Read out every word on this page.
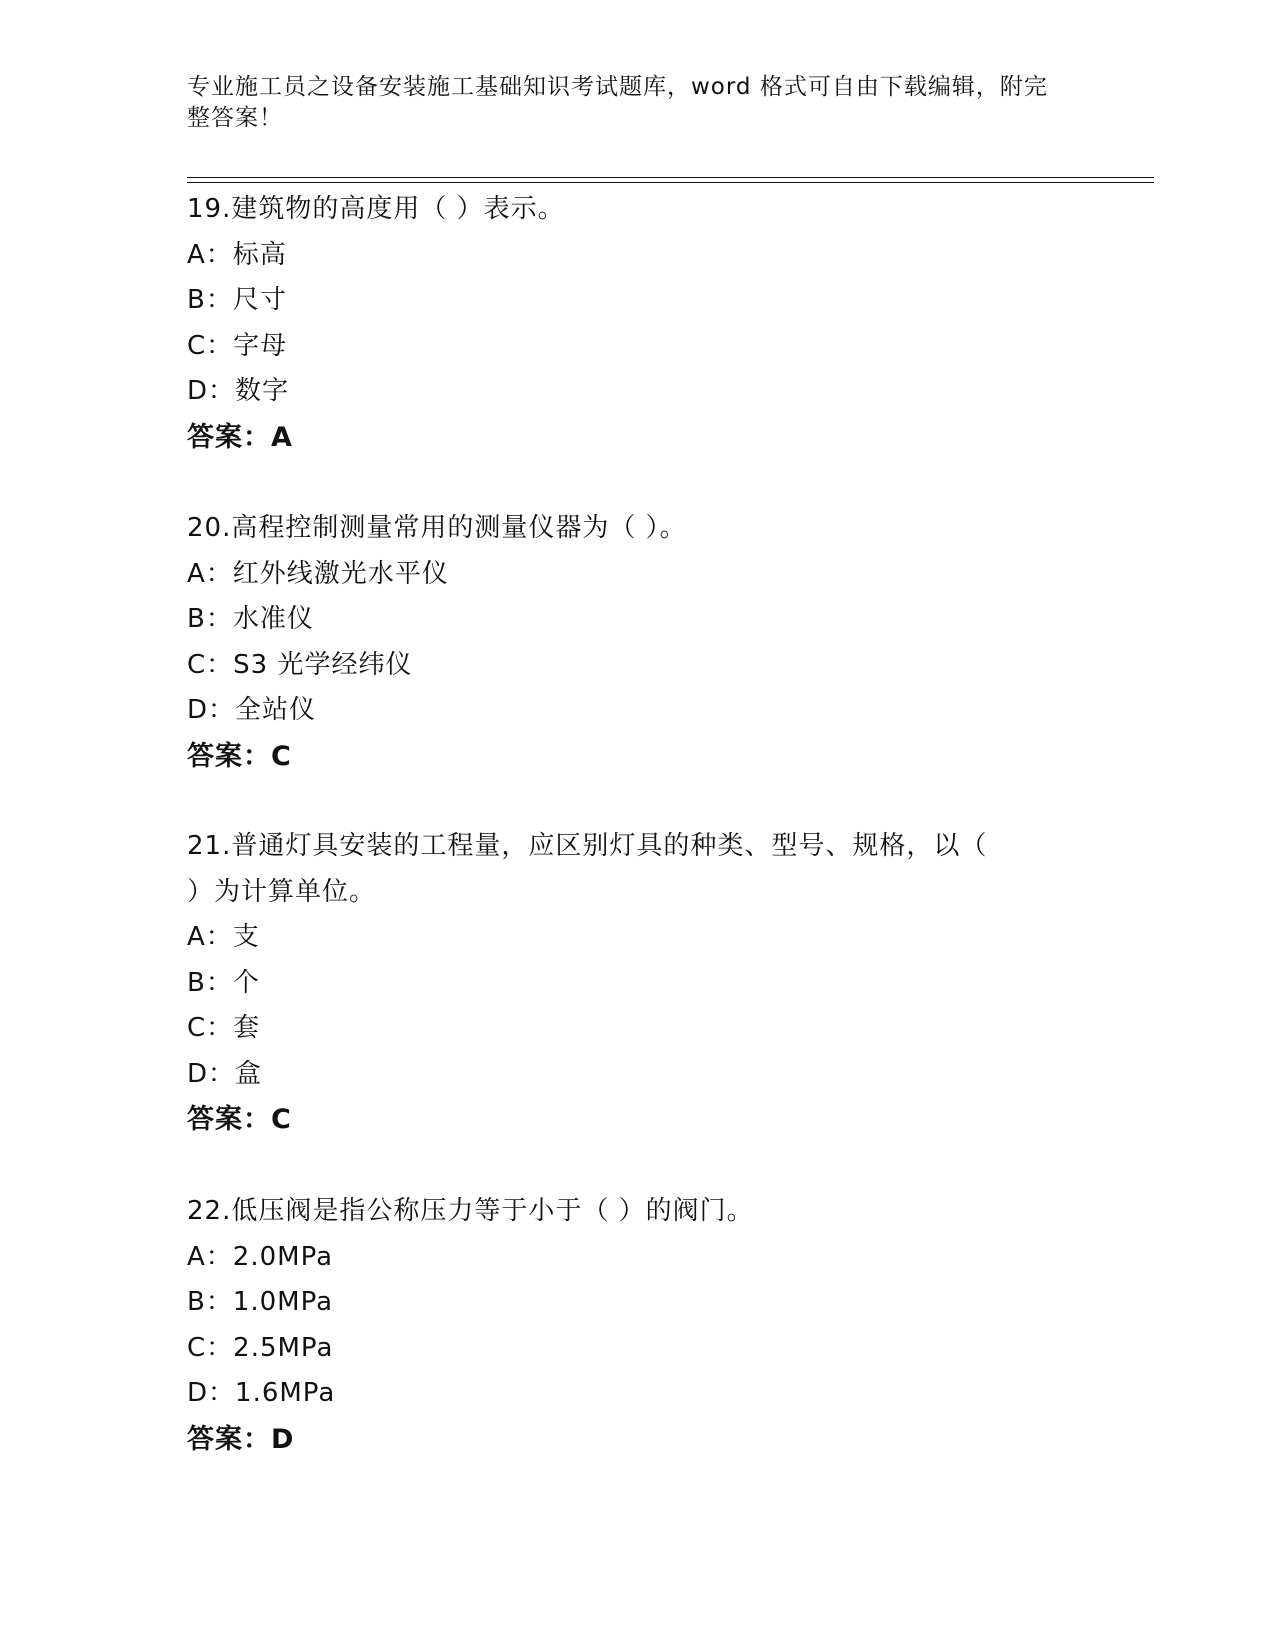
专业施工员之设备安装施工基础知识考试题库，word 格式可自由下载编辑，附完
整答案！
19.建筑物的高度用（ ）表示。
A：标高
B：尺寸
C：字母
D：数字
答案：A
20.高程控制测量常用的测量仪器为（ ）。
A：红外线激光水平仪
B：水准仪
C：S3 光学经纬仪
D：全站仪
答案：C
21.普通灯具安装的工程量，应区别灯具的种类、型号、规格，以（
）为计算单位。
A：支
B：个
C：套
D：盒
答案：C
22.低压阀是指公称压力等于小于（ ）的阀门。
A：2.0MPa
B：1.0MPa
C：2.5MPa
D：1.6MPa
答案：D
